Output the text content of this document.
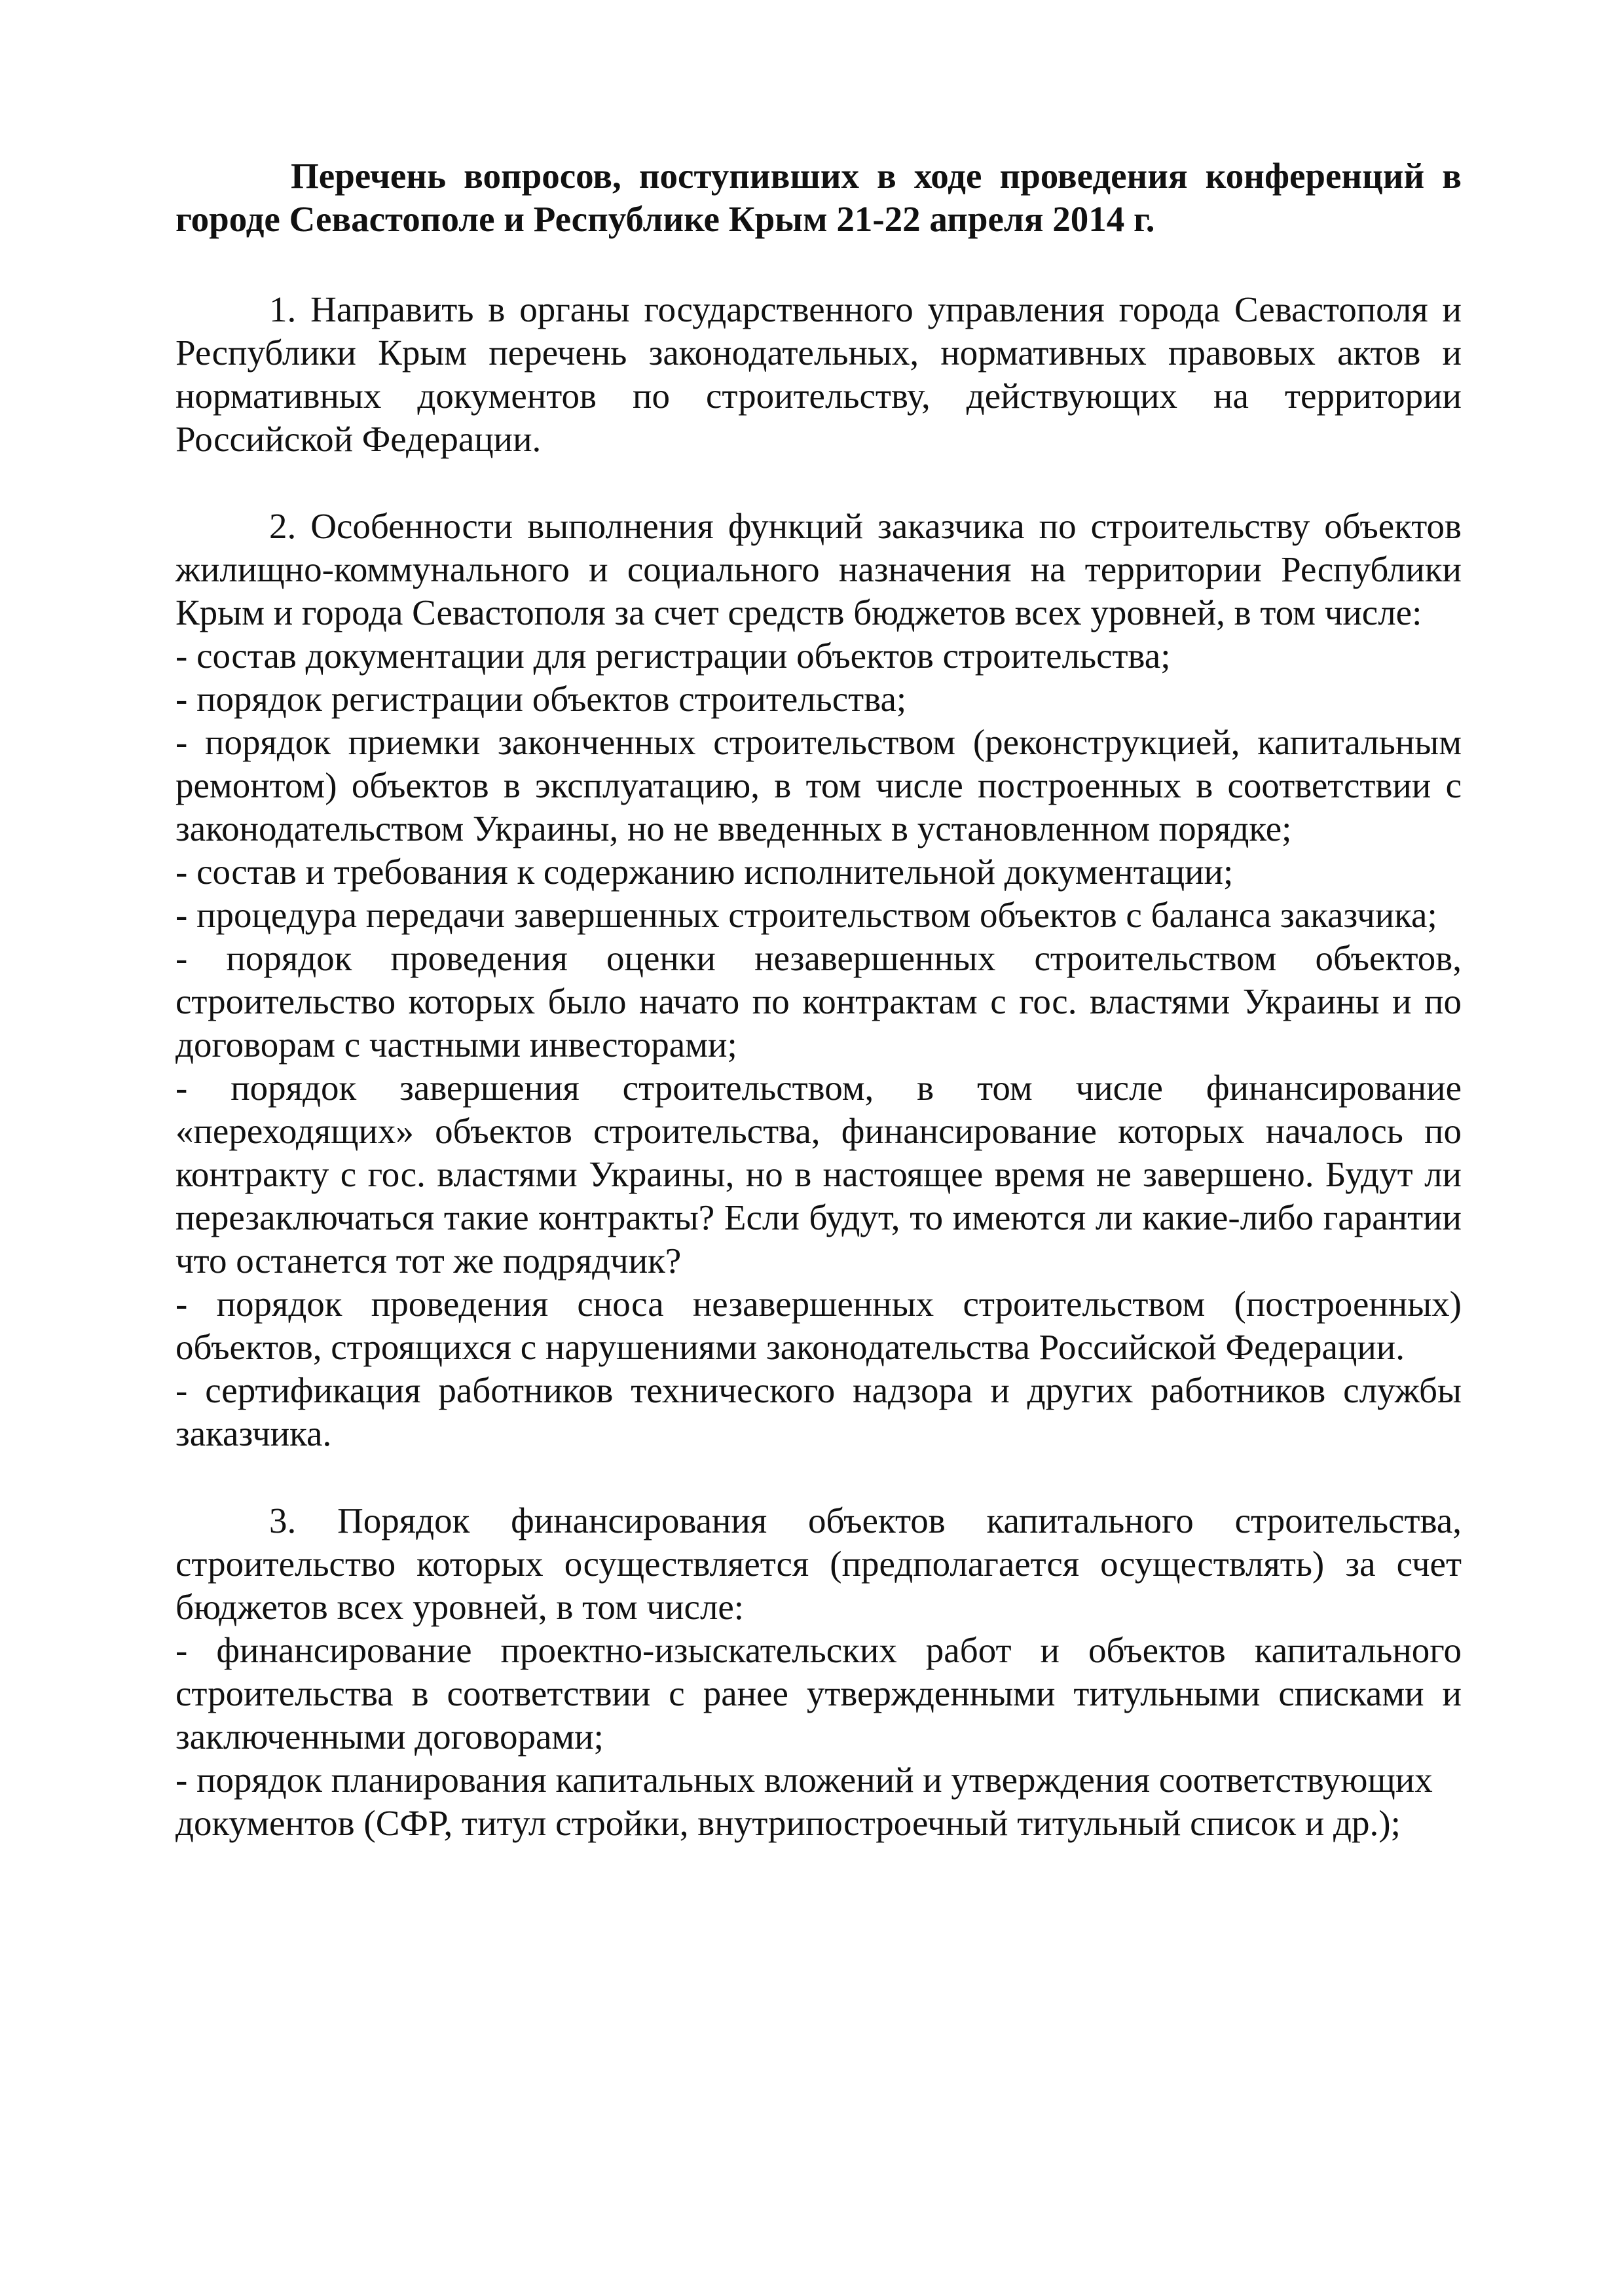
Перечень вопросов, поступивших в ходе проведения конференций в городе Севастополе и Республике Крым 21-22 апреля 2014 г.

1. Направить в органы государственного управления города Севастополя и Республики Крым перечень законодательных, нормативных правовых актов и нормативных документов по строительству, действующих на территории Российской Федерации.

2. Особенности выполнения функций заказчика по строительству объектов жилищно-коммунального и социального назначения на территории Республики Крым и города Севастополя за счет средств бюджетов всех уровней, в том числе:

- состав документации для регистрации объектов строительства;

- порядок регистрации объектов строительства;

- порядок приемки законченных строительством (реконструкцией, капитальным ремонтом) объектов в эксплуатацию, в том числе построенных в соответствии с законодательством Украины, но не введенных в установленном порядке;

- состав и требования к содержанию исполнительной документации;

- процедура передачи завершенных строительством объектов с баланса заказчика;

- порядок проведения оценки незавершенных строительством объектов, строительство которых было начато по контрактам с гос. властями Украины и по договорам с частными инвесторами;

- порядок завершения строительством, в том числе финансирование «переходящих» объектов строительства, финансирование которых началось по контракту с гос. властями Украины, но в настоящее время не завершено. Будут ли перезаключаться такие контракты? Если будут, то имеются ли какие-либо гарантии что останется тот же подрядчик?

- порядок проведения сноса незавершенных строительством (построенных) объектов, строящихся с нарушениями законодательства Российской Федерации.

- сертификация работников технического надзора и других работников службы заказчика.

3. Порядок финансирования объектов капитального строительства, строительство которых осуществляется (предполагается осуществлять) за счет бюджетов всех уровней, в том числе:

- финансирование проектно-изыскательских работ и объектов капитального строительства в соответствии с ранее утвержденными титульными списками и заключенными договорами;

- порядок планирования капитальных вложений и утверждения соответствующих документов (СФР, титул стройки, внутрипостроечный титульный список и др.);
